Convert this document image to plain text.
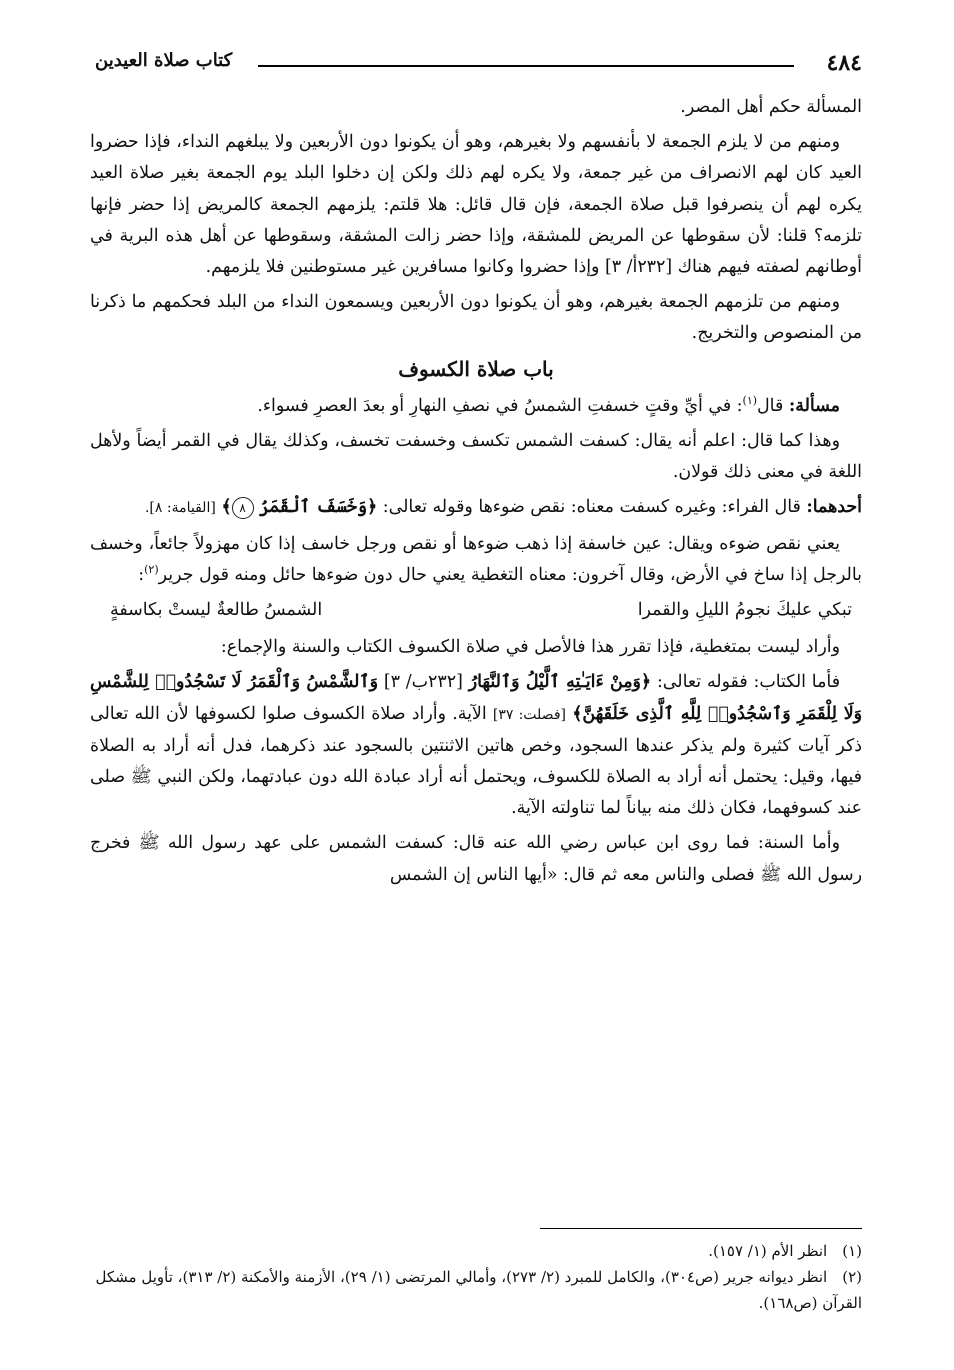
٤٨٤
كتاب صلاة العيدين

المسألة حكم أهل المصر.

ومنهم من لا يلزم الجمعة لا بأنفسهم ولا بغيرهم، وهو أن يكونوا دون الأربعين ولا يبلغهم النداء، فإذا حضروا العيد كان لهم الانصراف من غير جمعة، ولا يكره لهم ذلك ولكن إن دخلوا البلد يوم الجمعة بغير صلاة العيد يكره لهم أن ينصرفوا قبل صلاة الجمعة، فإن قال قائل: هلا قلتم: يلزمهم الجمعة كالمريض إذا حضر فإنها تلزمه؟ قلنا: لأن سقوطها عن المريض للمشقة، وإذا حضر زالت المشقة، وسقوطها عن أهل هذه البرية في أوطانهم لصفته فيهم هناك [٢٣٢أ/ ٣] وإذا حضروا وكانوا مسافرين غير مستوطنين فلا يلزمهم.

ومنهم من تلزمهم الجمعة بغيرهم، وهو أن يكونوا دون الأربعين ويسمعون النداء من البلد فحكمهم ما ذكرنا من المنصوص والتخريج.

باب صلاة الكسوف

مسألة: قال$^{(١)}$: في أيِّ وقتٍ خسفتِ الشمسُ في نصفِ النهارِ أو بعدَ العصرِ فسواء.

وهذا كما قال: اعلم أنه يقال: كسفت الشمس تكسف وخسفت تخسف، وكذلك يقال في القمر أيضاً ولأهل اللغة في معنى ذلك قولان.

أحدهما: قال الفراء: وغيره كسفت معناه: نقص ضوءها وقوله تعالى: ﴿وَخَسَفَ ٱلْقَمَرُ ٨﴾ [القيامة: ٨].

يعني نقص ضوءه ويقال: عين خاسفة إذا ذهب ضوءها أو نقص ورجل خاسف إذا كان مهزولاً جائعاً، وخسف بالرجل إذا ساخ في الأرض، وقال آخرون: معناه التغطية يعني حال دون ضوءها حائل ومنه قول جرير$^{(٢)}$:

تبكي عليكَ نجومُ الليلِ والقمرا
الشمسُ طالعةٌ ليستْ بكاسفةٍ

وأراد ليست بمتغطية، فإذا تقرر هذا فالأصل في صلاة الكسوف الكتاب والسنة والإجماع:

فأما الكتاب: فقوله تعالى: ﴿وَمِنْ ءَايَـٰتِهِ ٱلَّيْلُ وَٱلنَّهَارُ [٢٣٢ب/ ٣] وَٱلشَّمْسُ وَٱلْقَمَرُ لَا تَسْجُدُوا۟ لِلشَّمْسِ وَلَا لِلْقَمَرِ وَٱسْجُدُوا۟ لِلَّهِ ٱلَّذِى خَلَقَهُنَّ﴾ [فصلت: ٣٧] الآية. وأراد صلاة الكسوف صلوا لكسوفها لأن الله تعالى ذكر آيات كثيرة ولم يذكر عندها السجود، وخص هاتين الاثنتين بالسجود عند ذكرهما، فدل أنه أراد به الصلاة فيها، وقيل: يحتمل أنه أراد به الصلاة للكسوف، ويحتمل أنه أراد عبادة الله دون عبادتهما، ولكن النبي ﷺ صلى عند كسوفهما، فكان ذلك منه بياناً لما تناولته الآية.

وأما السنة: فما روى ابن عباس رضي الله عنه قال: كسفت الشمس على عهد رسول الله ﷺ فخرج رسول الله ﷺ فصلى والناس معه ثم قال: «أيها الناس إن الشمس

(١) انظر الأم (١/ ١٥٧).

(٢) انظر ديوانه جرير (ص٣٠٤)، والكامل للمبرد (٢/ ٢٧٣)، وأمالي المرتضى (١/ ٢٩)، الأزمنة والأمكنة (٢/ ٣١٣)، تأويل مشكل القرآن (ص١٦٨).
